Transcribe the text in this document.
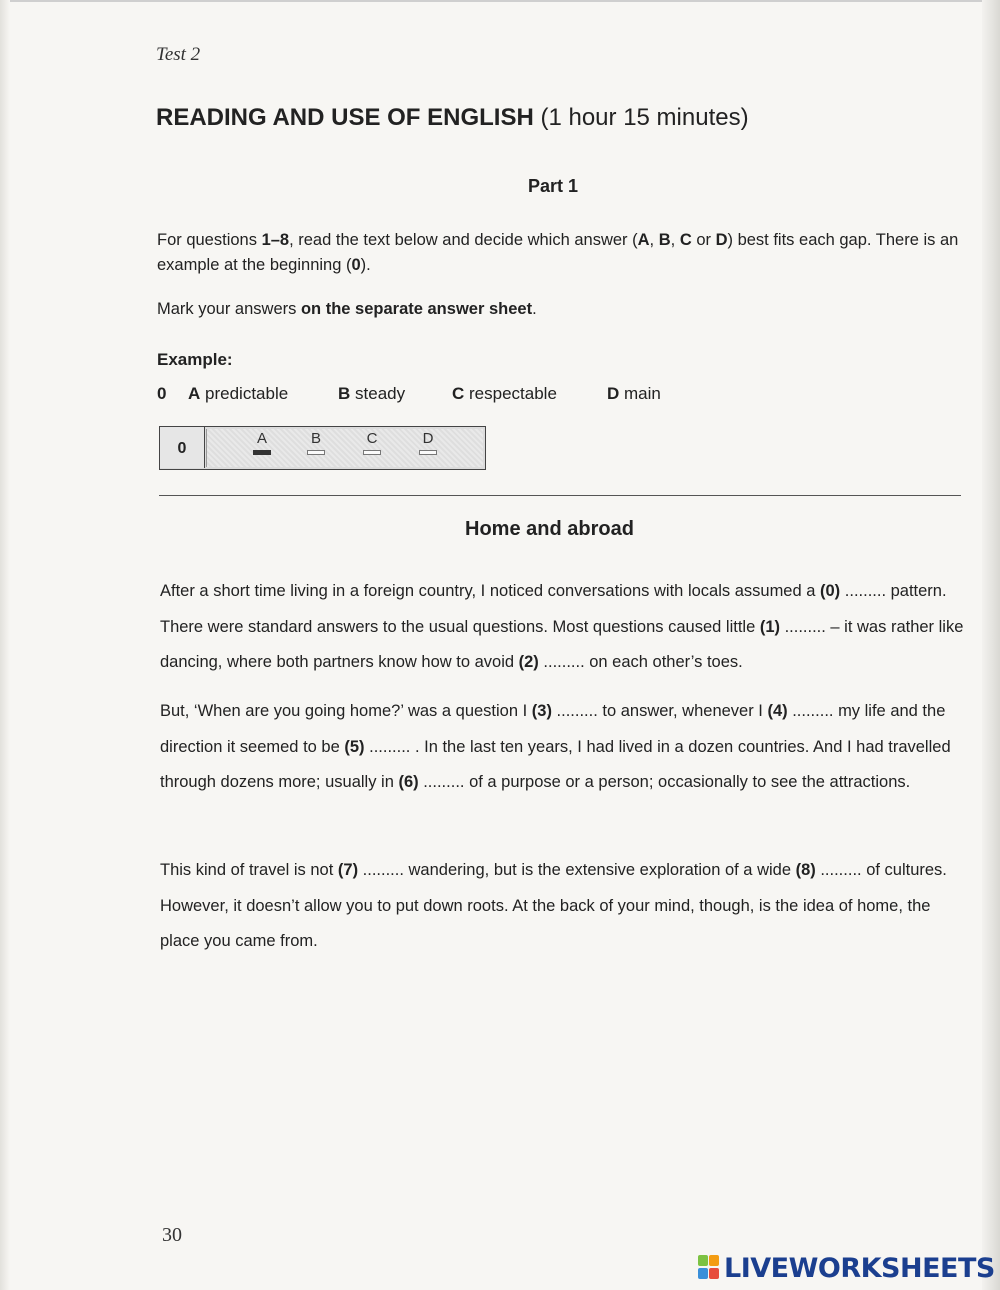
Test 2
READING AND USE OF ENGLISH (1 hour 15 minutes)
Part 1
For questions 1–8, read the text below and decide which answer (A, B, C or D) best fits each gap. There is an example at the beginning (0).
Mark your answers on the separate answer sheet.
Example:
0 A predictable	B steady	C respectable	D main
0
A	B	C	D
Home and abroad
After a short time living in a foreign country, I noticed conversations with locals assumed a (0) ......... pattern. There were standard answers to the usual questions. Most questions caused little (1) ......... – it was rather like dancing, where both partners know how to avoid (2) ......... on each other’s toes.
But, ‘When are you going home?’ was a question I (3) ......... to answer, whenever I (4) ......... my life and the direction it seemed to be (5) ......... . In the last ten years, I had lived in a dozen countries. And I had travelled through dozens more; usually in (6) ......... of a purpose or a person; occasionally to see the attractions.
This kind of travel is not (7) ......... wandering, but is the extensive exploration of a wide (8) ......... of cultures. However, it doesn’t allow you to put down roots. At the back of your mind, though, is the idea of home, the place you came from.
30
LIVEWORKSHEETS
